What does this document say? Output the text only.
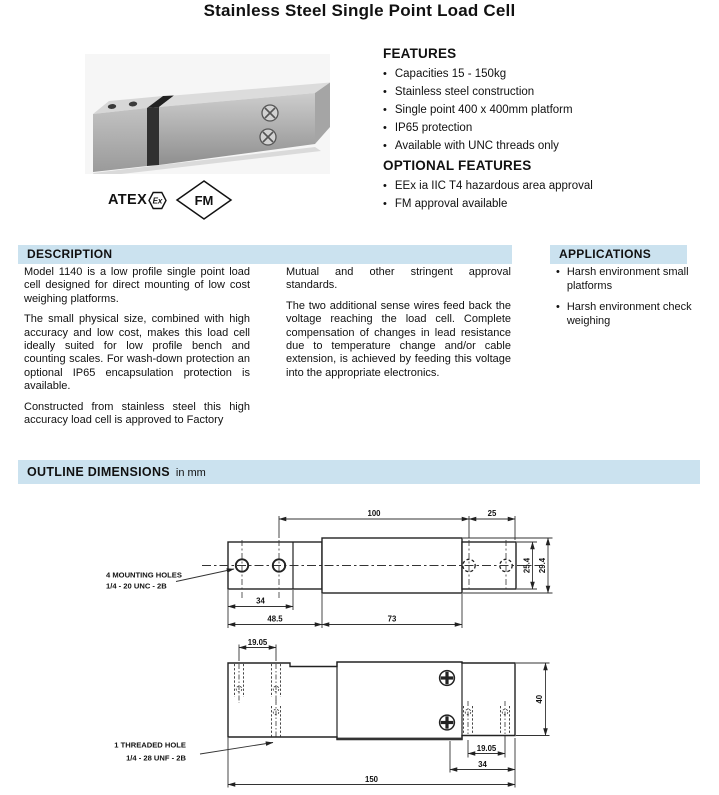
Stainless Steel Single Point Load Cell
ATEX Ex FM
FEATURES
• Capacities 15 - 150kg
• Stainless steel construction
• Single point 400 x 400mm platform
• IP65 protection
• Available with UNC threads only
OPTIONAL FEATURES
• EEx ia IIC T4 hazardous area approval
• FM approval available
DESCRIPTION	APPLICATIONS

Model 1140 is a low profile single point load cell designed for direct mounting of low cost weighing platforms.

The small physical size, combined with high accuracy and low cost, makes this load cell ideally suited for low profile bench and counting scales. For wash-down protection an optional IP65 encapsulation protection is available.

Constructed from stainless steel this high accuracy load cell is approved to Factory

Mutual and other stringent approval standards.

The two additional sense wires feed back the voltage reaching the load cell. Complete compensation of changes in lead resistance due to temperature change and/or cable extension, is achieved by feeding this voltage into the appropriate electronics.

• Harsh environment small platforms
• Harsh environment check weighing
OUTLINE DIMENSIONS in mm
100	25
34
48.5	73
25.4 29.4
4 MOUNTING HOLES
1/4 - 20 UNC - 2B
19.05
40
19.05
34
150
1 THREADED HOLE
1/4 - 28 UNF - 2B
